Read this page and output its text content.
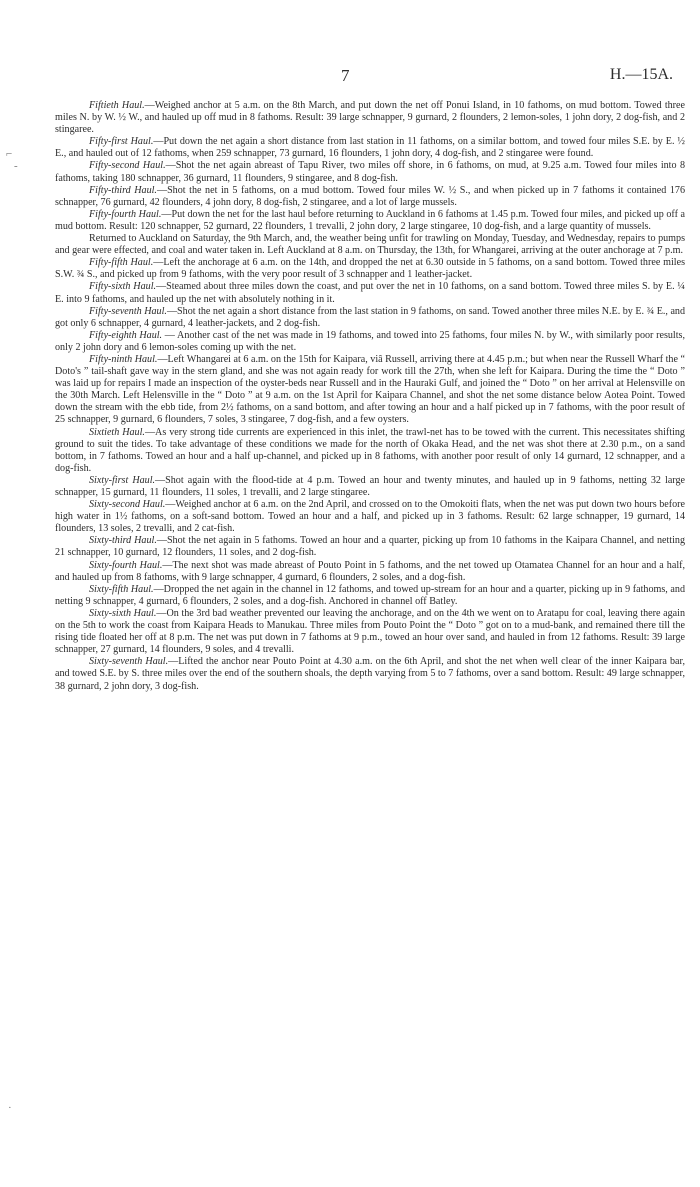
7	H.—15A.
⌐
-
·

Fiftieth Haul.—Weighed anchor at 5 a.m. on the 8th March, and put down the net off Ponui Island, in 10 fathoms, on mud bottom. Towed three miles N. by W. ½ W., and hauled up off mud in 8 fathoms. Result: 39 large schnapper, 9 gurnard, 2 flounders, 2 lemon-soles, 1 john dory, 2 dog-fish, and 2 stingaree.

Fifty-first Haul.—Put down the net again a short distance from last station in 11 fathoms, on a similar bottom, and towed four miles S.E. by E. ½ E., and hauled out of 12 fathoms, when 259 schnapper, 73 gurnard, 16 flounders, 1 john dory, 4 dog-fish, and 2 stingaree were found.

Fifty-second Haul.—Shot the net again abreast of Tapu River, two miles off shore, in 6 fathoms, on mud, at 9.25 a.m. Towed four miles into 8 fathoms, taking 180 schnapper, 36 gurnard, 11 flounders, 9 stingaree, and 8 dog-fish.

Fifty-third Haul.—Shot the net in 5 fathoms, on a mud bottom. Towed four miles W. ½ S., and when picked up in 7 fathoms it contained 176 schnapper, 76 gurnard, 42 flounders, 4 john dory, 8 dog-fish, 2 stingaree, and a lot of large mussels.

Fifty-fourth Haul.—Put down the net for the last haul before returning to Auckland in 6 fathoms at 1.45 p.m. Towed four miles, and picked up off a mud bottom. Result: 120 schnapper, 52 gurnard, 22 flounders, 1 trevalli, 2 john dory, 2 large stingaree, 10 dog-fish, and a large quantity of mussels.

Returned to Auckland on Saturday, the 9th March, and, the weather being unfit for trawling on Monday, Tuesday, and Wednesday, repairs to pumps and gear were effected, and coal and water taken in. Left Auckland at 8 a.m. on Thursday, the 13th, for Whangarei, arriving at the outer anchorage at 7 p.m.

Fifty-fifth Haul.—Left the anchorage at 6 a.m. on the 14th, and dropped the net at 6.30 outside in 5 fathoms, on a sand bottom. Towed three miles S.W. ¾ S., and picked up from 9 fathoms, with the very poor result of 3 schnapper and 1 leather-jacket.

Fifty-sixth Haul.—Steamed about three miles down the coast, and put over the net in 10 fathoms, on a sand bottom. Towed three miles S. by E. ¼ E. into 9 fathoms, and hauled up the net with absolutely nothing in it.

Fifty-seventh Haul.—Shot the net again a short distance from the last station in 9 fathoms, on sand. Towed another three miles N.E. by E. ¾ E., and got only 6 schnapper, 4 gurnard, 4 leather-jackets, and 2 dog-fish.

Fifty-eighth Haul. — Another cast of the net was made in 19 fathoms, and towed into 25 fathoms, four miles N. by W., with similarly poor results, only 2 john dory and 6 lemon-soles coming up with the net.

Fifty-ninth Haul.—Left Whangarei at 6 a.m. on the 15th for Kaipara, viâ Russell, arriving there at 4.45 p.m.; but when near the Russell Wharf the “ Doto's ” tail-shaft gave way in the stern gland, and she was not again ready for work till the 27th, when she left for Kaipara. During the time the “ Doto ” was laid up for repairs I made an inspection of the oyster-beds near Russell and in the Hauraki Gulf, and joined the “ Doto ” on her arrival at Helensville on the 30th March. Left Helensville in the “ Doto ” at 9 a.m. on the 1st April for Kaipara Channel, and shot the net some distance below Aotea Point. Towed down the stream with the ebb tide, from 2½ fathoms, on a sand bottom, and after towing an hour and a half picked up in 7 fathoms, with the poor result of 25 schnapper, 9 gurnard, 6 flounders, 7 soles, 3 stingaree, 7 dog-fish, and a few oysters.

Sixtieth Haul.—As very strong tide currents are experienced in this inlet, the trawl-net has to be towed with the current. This necessitates shifting ground to suit the tides. To take advantage of these conditions we made for the north of Okaka Head, and the net was shot there at 2.30 p.m., on a sand bottom, in 7 fathoms. Towed an hour and a half up-channel, and picked up in 8 fathoms, with another poor result of only 14 gurnard, 12 schnapper, and a dog-fish.

Sixty-first Haul.—Shot again with the flood-tide at 4 p.m. Towed an hour and twenty minutes, and hauled up in 9 fathoms, netting 32 large schnapper, 15 gurnard, 11 flounders, 11 soles, 1 trevalli, and 2 large stingaree.

Sixty-second Haul.—Weighed anchor at 6 a.m. on the 2nd April, and crossed on to the Omokoiti flats, when the net was put down two hours before high water in 1½ fathoms, on a soft-sand bottom. Towed an hour and a half, and picked up in 3 fathoms. Result: 62 large schnapper, 19 gurnard, 14 flounders, 13 soles, 2 trevalli, and 2 cat-fish.

Sixty-third Haul.—Shot the net again in 5 fathoms. Towed an hour and a quarter, picking up from 10 fathoms in the Kaipara Channel, and netting 21 schnapper, 10 gurnard, 12 flounders, 11 soles, and 2 dog-fish.

Sixty-fourth Haul.—The next shot was made abreast of Pouto Point in 5 fathoms, and the net towed up Otamatea Channel for an hour and a half, and hauled up from 8 fathoms, with 9 large schnapper, 4 gurnard, 6 flounders, 2 soles, and a dog-fish.

Sixty-fifth Haul.—Dropped the net again in the channel in 12 fathoms, and towed up-stream for an hour and a quarter, picking up in 9 fathoms, and netting 9 schnapper, 4 gurnard, 6 flounders, 2 soles, and a dog-fish. Anchored in channel off Batley.

Sixty-sixth Haul.—On the 3rd bad weather prevented our leaving the anchorage, and on the 4th we went on to Aratapu for coal, leaving there again on the 5th to work the coast from Kaipara Heads to Manukau. Three miles from Pouto Point the “ Doto ” got on to a mud-bank, and remained there till the rising tide floated her off at 8 p.m. The net was put down in 7 fathoms at 9 p.m., towed an hour over sand, and hauled in from 12 fathoms. Result: 39 large schnapper, 27 gurnard, 14 flounders, 9 soles, and 4 trevalli.

Sixty-seventh Haul.—Lifted the anchor near Pouto Point at 4.30 a.m. on the 6th April, and shot the net when well clear of the inner Kaipara bar, and towed S.E. by S. three miles over the end of the southern shoals, the depth varying from 5 to 7 fathoms, over a sand bottom. Result: 49 large schnapper, 38 gurnard, 2 john dory, 3 dog-fish.
